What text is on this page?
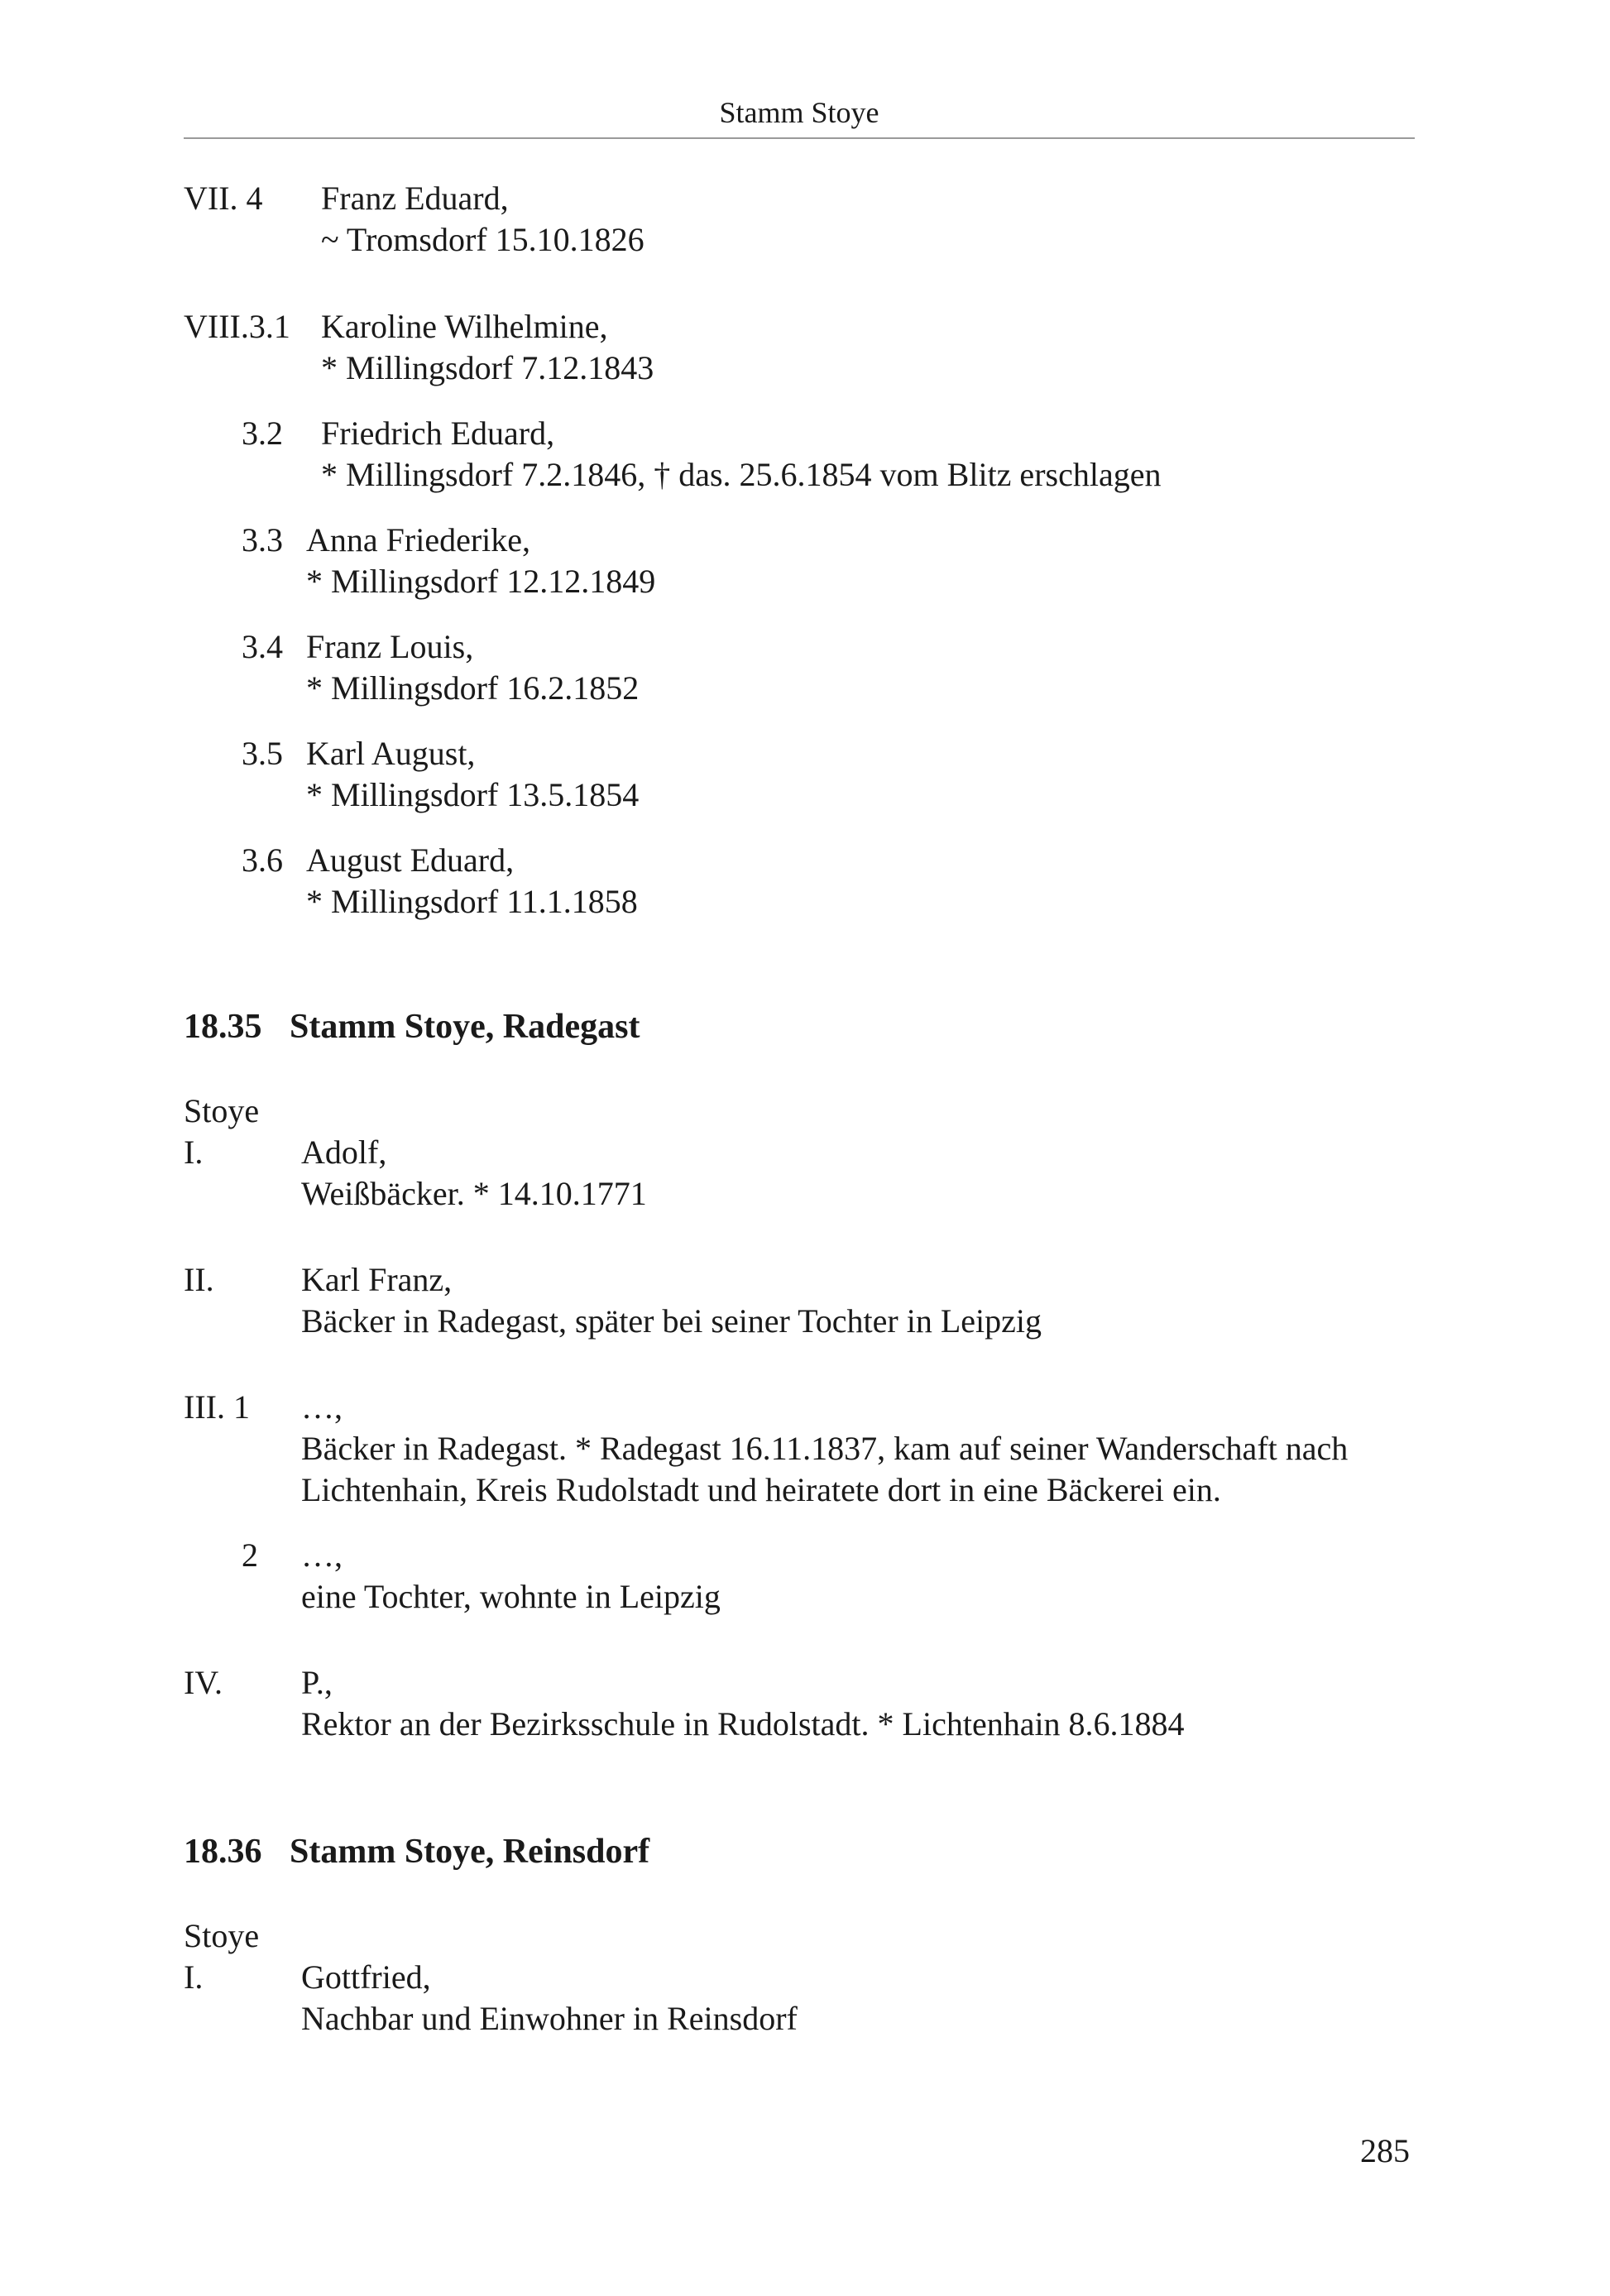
Stamm Stoye
VII. 4 Franz Eduard,
~ Tromsdorf 15.10.1826
VIII.3.1 Karoline Wilhelmine,
* Millingsdorf 7.12.1843
3.2 Friedrich Eduard,
* Millingsdorf 7.2.1846, † das. 25.6.1854 vom Blitz erschlagen
3.3 Anna Friederike,
* Millingsdorf 12.12.1849
3.4 Franz Louis,
* Millingsdorf 16.2.1852
3.5 Karl August,
* Millingsdorf 13.5.1854
3.6 August Eduard,
* Millingsdorf 11.1.1858
18.35 Stamm Stoye, Radegast
Stoye
I.	Adolf,
Weißbäcker. * 14.10.1771
II.	Karl Franz,
Bäcker in Radegast, später bei seiner Tochter in Leipzig
III. 1 …,
Bäcker in Radegast. * Radegast 16.11.1837, kam auf seiner Wanderschaft nach
Lichtenhain, Kreis Rudolstadt und heiratete dort in eine Bäckerei ein.
2 …,
eine Tochter, wohnte in Leipzig
IV. P.,
Rektor an der Bezirksschule in Rudolstadt. * Lichtenhain 8.6.1884
18.36 Stamm Stoye, Reinsdorf
Stoye
I.	Gottfried,
Nachbar und Einwohner in Reinsdorf
285
